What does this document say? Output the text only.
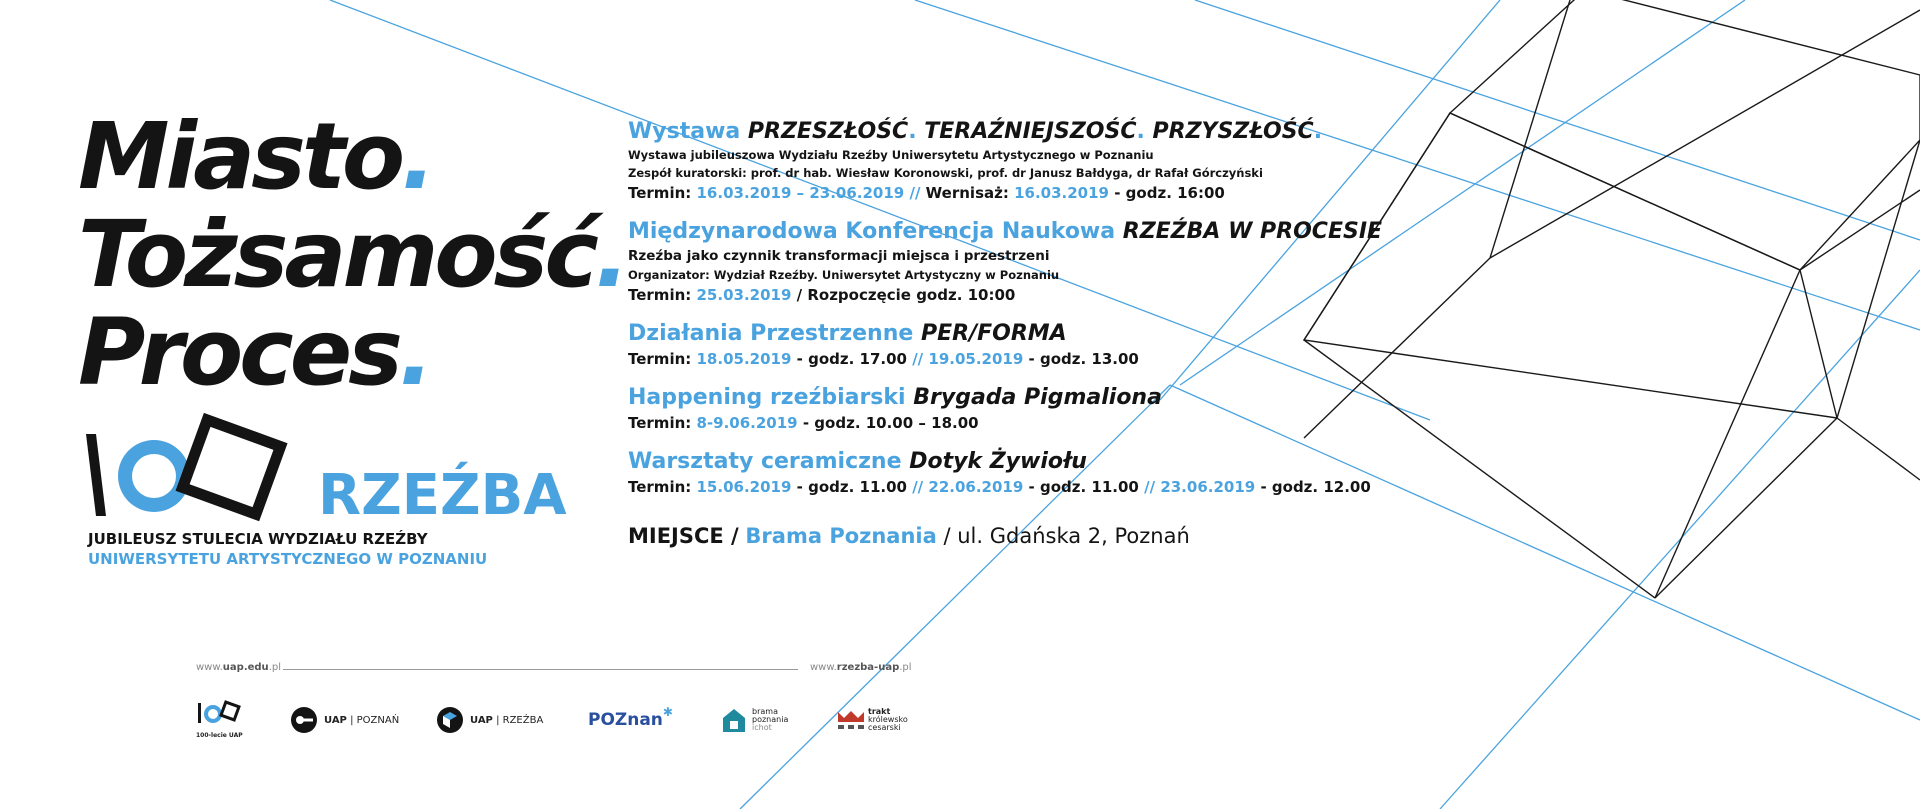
Miasto.
Tożsamość.
Proces.
RZEŹBA
JUBILEUSZ STULECIA WYDZIAŁU RZEŹBY
UNIWERSYTETU ARTYSTYCZNEGO W POZNANIU
Wystawa PRZESZŁOŚĆ. TERAŹNIEJSZOŚĆ. PRZYSZŁOŚĆ.
Wystawa jubileuszowa Wydziału Rzeźby Uniwersytetu Artystycznego w Poznaniu
Zespół kuratorski: prof. dr hab. Wiesław Koronowski, prof. dr Janusz Bałdyga, dr Rafał Górczyński
Termin: 16.03.2019 – 23.06.2019 // Wernisaż: 16.03.2019 - godz. 16:00
Międzynarodowa Konferencja Naukowa RZEŹBA W PROCESIE
Rzeźba jako czynnik transformacji miejsca i przestrzeni
Organizator: Wydział Rzeźby. Uniwersytet Artystyczny w Poznaniu
Termin: 25.03.2019 / Rozpoczęcie godz. 10:00
Działania Przestrzenne PER/FORMA
Termin: 18.05.2019 - godz. 17.00 // 19.05.2019 - godz. 13.00
Happening rzeźbiarski Brygada Pigmaliona
Termin: 8-9.06.2019 - godz. 10.00 – 18.00
Warsztaty ceramiczne Dotyk Żywiołu
Termin: 15.06.2019 - godz. 11.00 // 22.06.2019 - godz. 11.00 // 23.06.2019 - godz. 12.00
MIEJSCE / Brama Poznania / ul. Gdańska 2, Poznań
www.uap.edu.pl	www.rzezba-uap.pl
100-lecie UAP
UAP | POZNAŃ	UAP | RZEŹBA	POZnan ✱	brama
poznania
ichot
trakt
królewsko
cesarski
